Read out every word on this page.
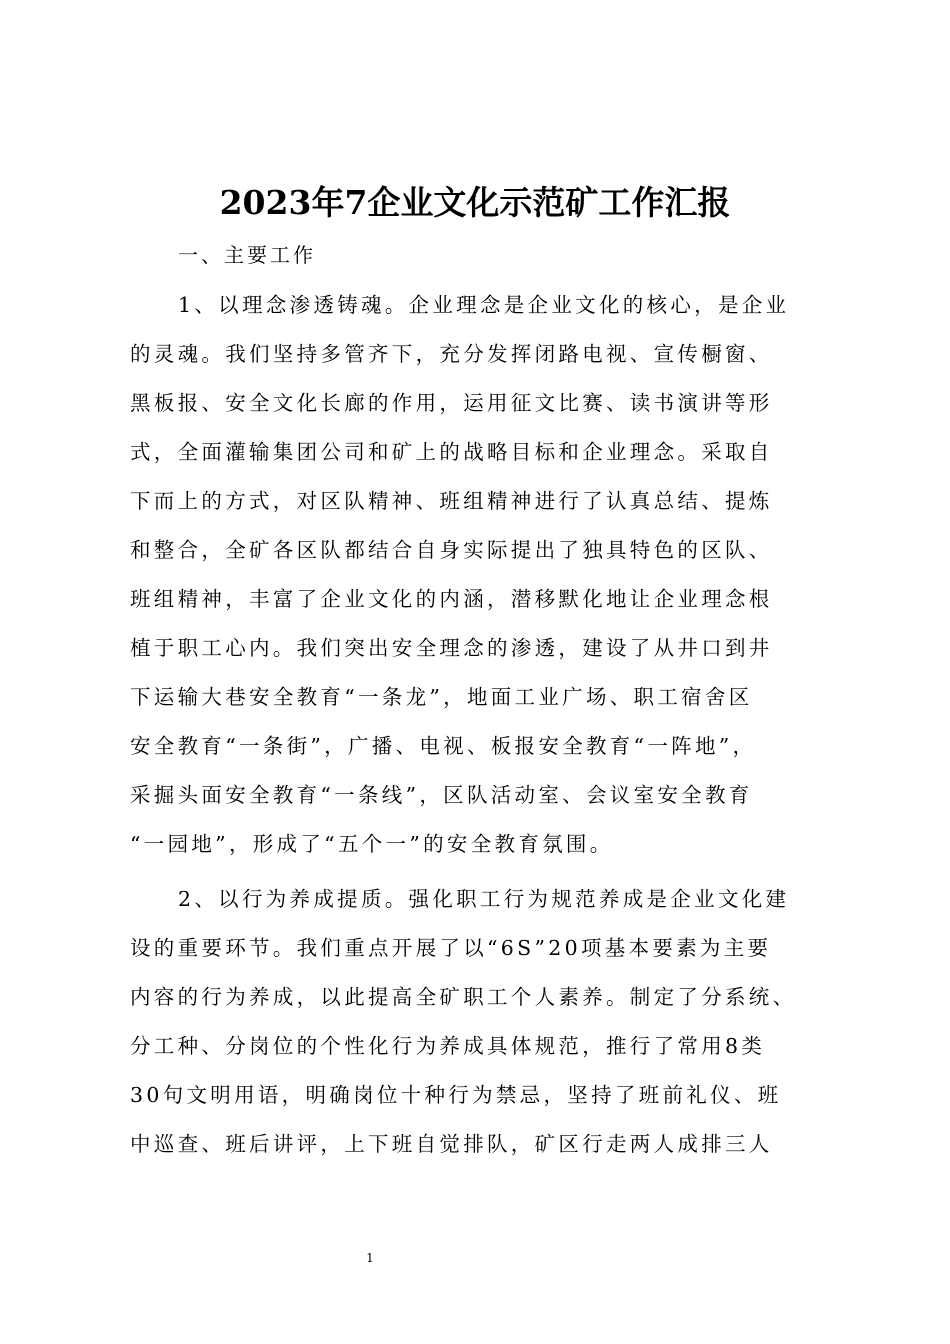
2023年7企业文化示范矿工作汇报
一、主要工作
1、以理念渗透铸魂。企业理念是企业文化的核心，是企业
的灵魂。我们坚持多管齐下，充分发挥闭路电视、宣传橱窗、
黑板报、安全文化长廊的作用，运用征文比赛、读书演讲等形
式，全面灌输集团公司和矿上的战略目标和企业理念。采取自
下而上的方式，对区队精神、班组精神进行了认真总结、提炼
和整合，全矿各区队都结合自身实际提出了独具特色的区队、
班组精神，丰富了企业文化的内涵，潜移默化地让企业理念根
植于职工心内。我们突出安全理念的渗透，建设了从井口到井
下运输大巷安全教育“一条龙”，地面工业广场、职工宿舍区
安全教育“一条街”，广播、电视、板报安全教育“一阵地”，
采掘头面安全教育“一条线”，区队活动室、会议室安全教育
“一园地”，形成了“五个一”的安全教育氛围。
2、以行为养成提质。强化职工行为规范养成是企业文化建
设的重要环节。我们重点开展了以“6S”20项基本要素为主要
内容的行为养成，以此提高全矿职工个人素养。制定了分系统、
分工种、分岗位的个性化行为养成具体规范，推行了常用8类
30句文明用语，明确岗位十种行为禁忌，坚持了班前礼仪、班
中巡查、班后讲评，上下班自觉排队，矿区行走两人成排三人
1
